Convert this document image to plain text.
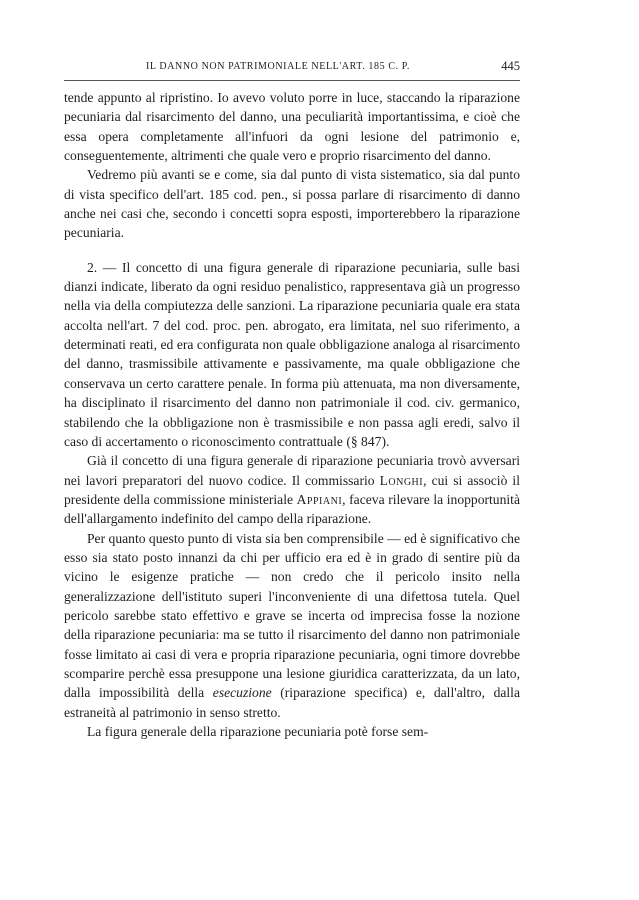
IL DANNO NON PATRIMONIALE NELL'ART. 185 C. P.	445

tende appunto al ripristino. Io avevo voluto porre in luce, staccando la riparazione pecuniaria dal risarcimento del danno, una peculiarità importantissima, e cioè che essa opera completamente all'infuori da ogni lesione del patrimonio e, conseguentemente, altrimenti che quale vero e proprio risarcimento del danno.

Vedremo più avanti se e come, sia dal punto di vista sistematico, sia dal punto di vista specifico dell'art. 185 cod. pen., si possa parlare di risarcimento di danno anche nei casi che, secondo i concetti sopra esposti, importerebbero la riparazione pecuniaria.

2. — Il concetto di una figura generale di riparazione pecuniaria, sulle basi dianzi indicate, liberato da ogni residuo penalistico, rappresentava già un progresso nella via della compiutezza delle sanzioni. La riparazione pecuniaria quale era stata accolta nell'art. 7 del cod. proc. pen. abrogato, era limitata, nel suo riferimento, a determinati reati, ed era configurata non quale obbligazione analoga al risarcimento del danno, trasmissibile attivamente e passivamente, ma quale obbligazione che conservava un certo carattere penale. In forma più attenuata, ma non diversamente, ha disciplinato il risarcimento del danno non patrimoniale il cod. civ. germanico, stabilendo che la obbligazione non è trasmissibile e non passa agli eredi, salvo il caso di accertamento o riconoscimento contrattuale (§ 847).

Già il concetto di una figura generale di riparazione pecuniaria trovò avversari nei lavori preparatori del nuovo codice. Il commissario Longhi, cui si associò il presidente della commissione ministeriale Appiani, faceva rilevare la inopportunità dell'allargamento indefinito del campo della riparazione.

Per quanto questo punto di vista sia ben comprensibile — ed è significativo che esso sia stato posto innanzi da chi per ufficio era ed è in grado di sentire più da vicino le esigenze pratiche — non credo che il pericolo insito nella generalizzazione dell'istituto superi l'inconveniente di una difettosa tutela. Quel pericolo sarebbe stato effettivo e grave se incerta od imprecisa fosse la nozione della riparazione pecuniaria: ma se tutto il risarcimento del danno non patrimoniale fosse limitato ai casi di vera e propria riparazione pecuniaria, ogni timore dovrebbe scomparire perchè essa presuppone una lesione giuridica caratterizzata, da un lato, dalla impossibilità della esecuzione (riparazione specifica) e, dall'altro, dalla estraneità al patrimonio in senso stretto.

La figura generale della riparazione pecuniaria potè forse sem-
